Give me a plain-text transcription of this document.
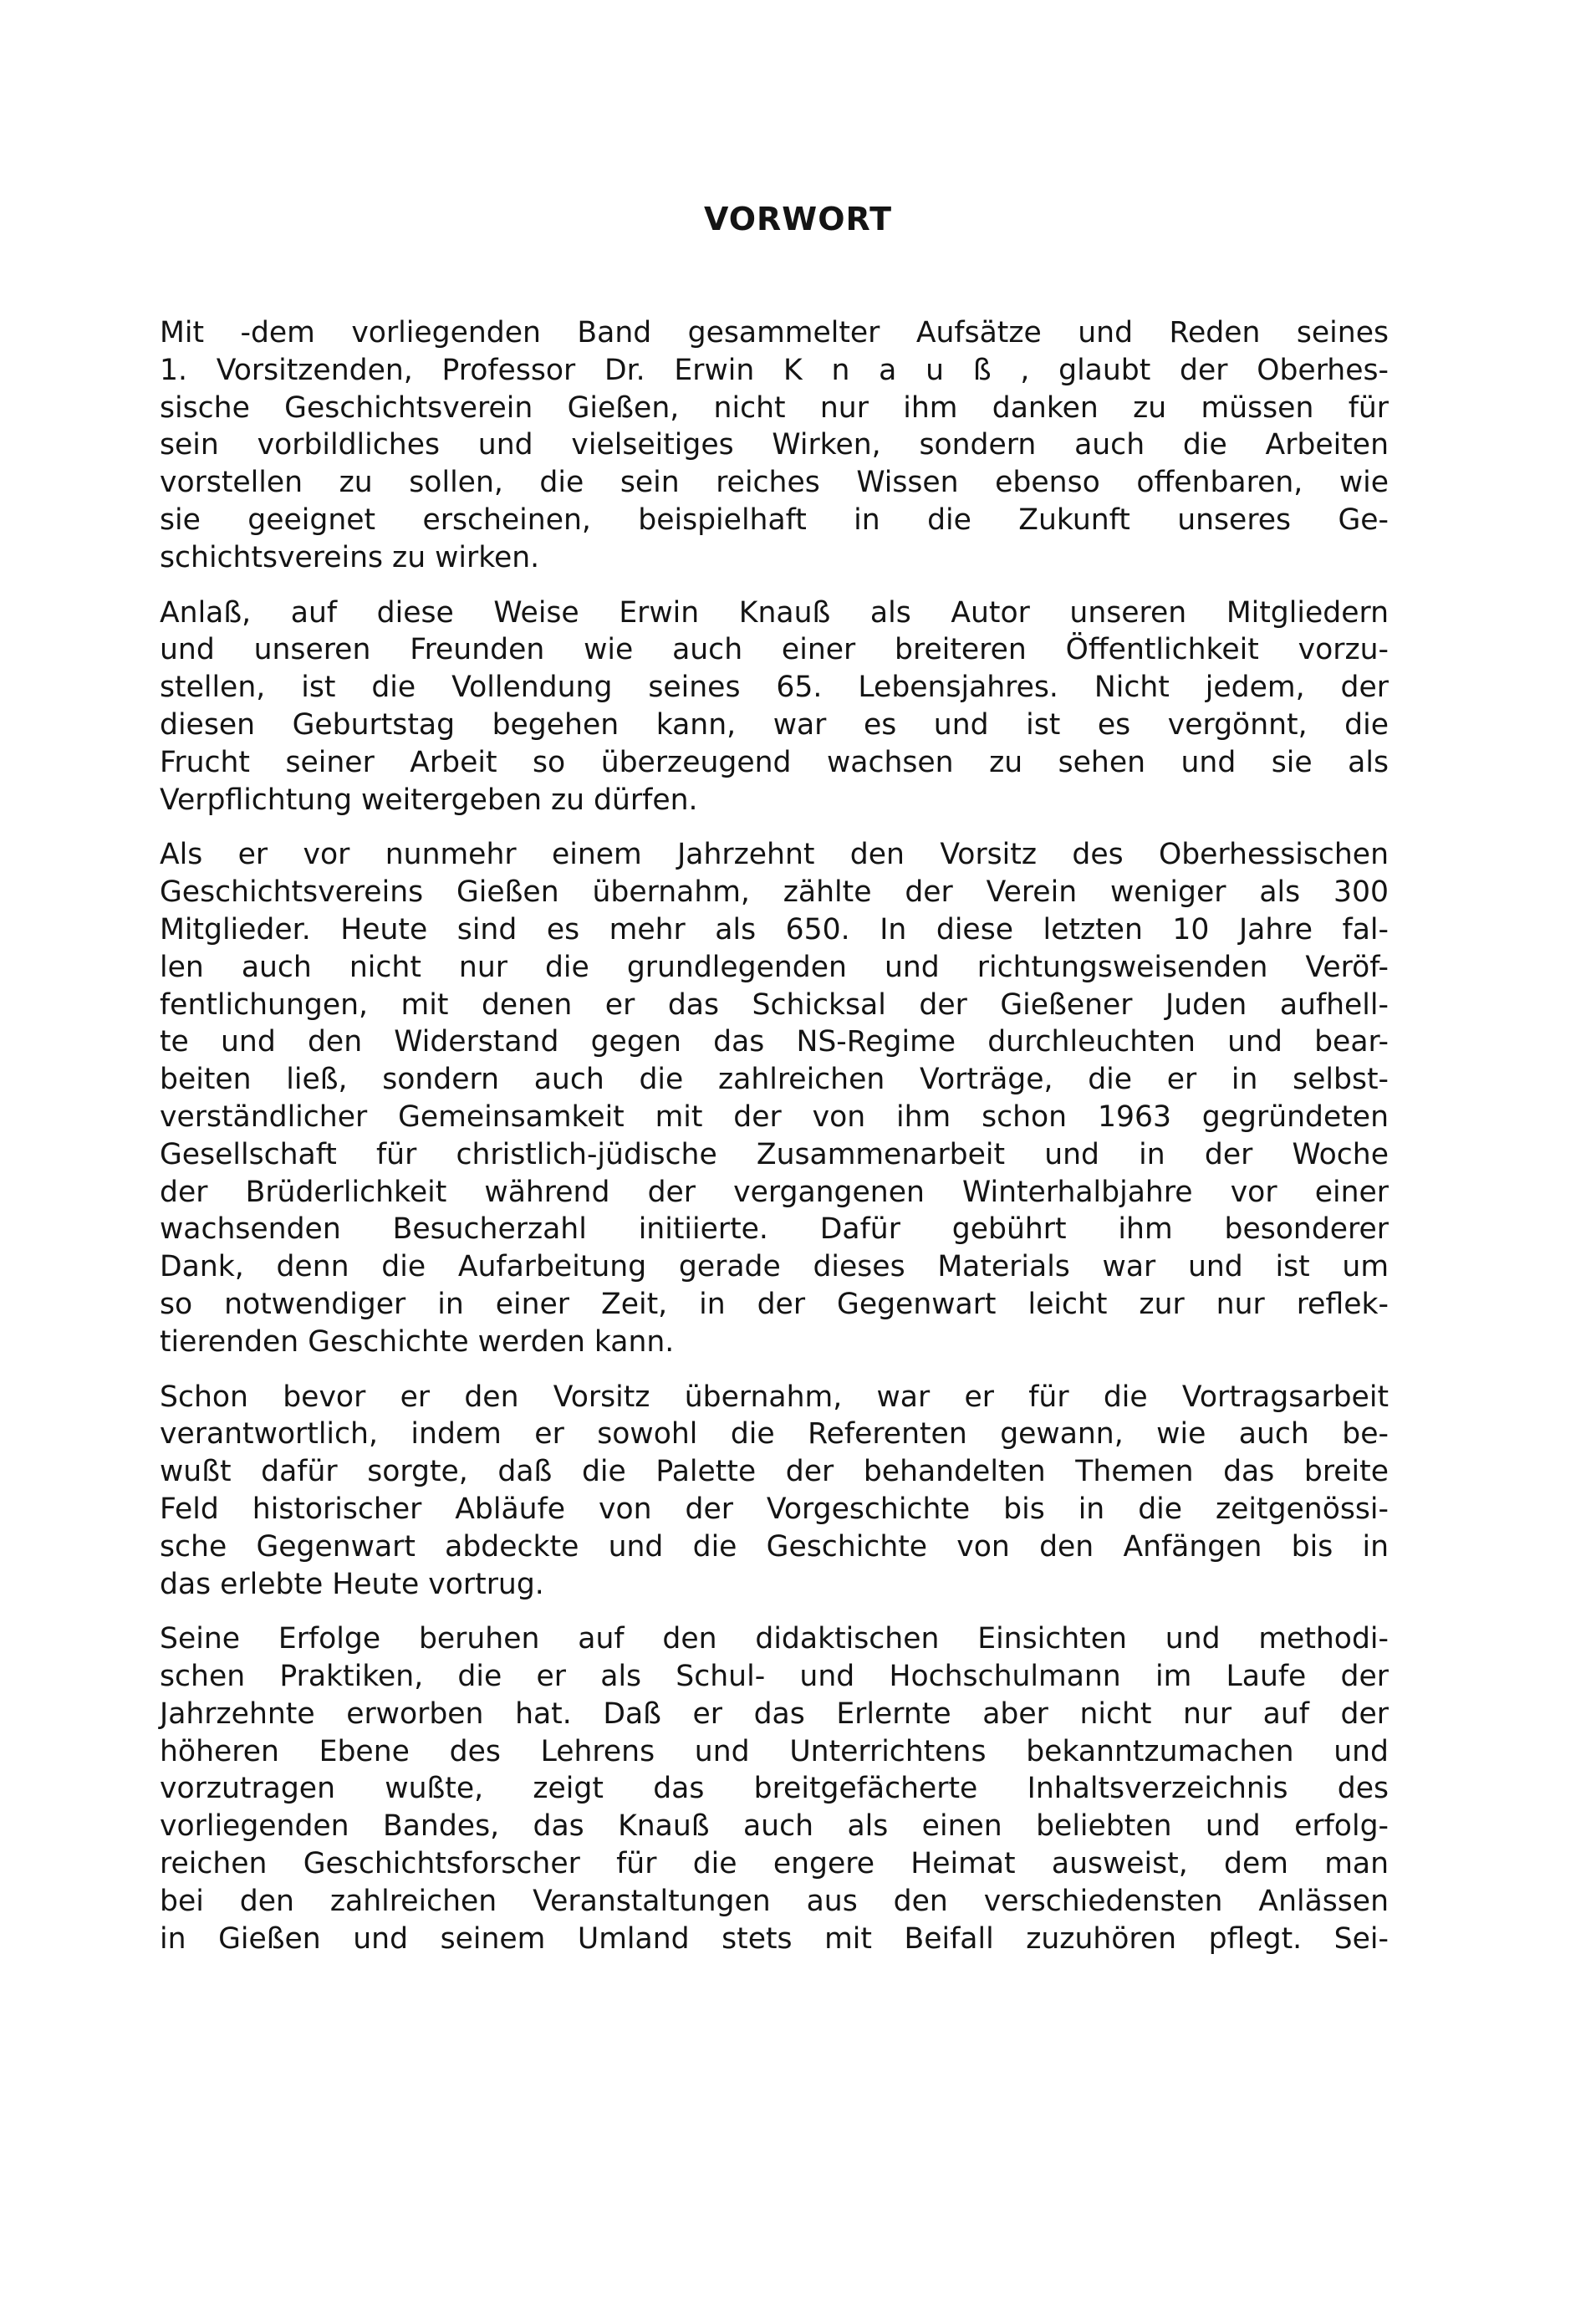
VORWORT
Mit -dem vorliegenden Band gesammelter Aufsätze und Reden seines
1. Vorsitzenden, Professor Dr. Erwin K n a u ß , glaubt der Oberhes-
sische Geschichtsverein Gießen, nicht nur ihm danken zu müssen für
sein vorbildliches und vielseitiges Wirken, sondern auch die Arbeiten
vorstellen zu sollen, die sein reiches Wissen ebenso offenbaren, wie
sie geeignet erscheinen, beispielhaft in die Zukunft unseres Ge-
schichtsvereins zu wirken.
Anlaß, auf diese Weise Erwin Knauß als Autor unseren Mitgliedern
und unseren Freunden wie auch einer breiteren Öffentlichkeit vorzu-
stellen, ist die Vollendung seines 65. Lebensjahres. Nicht jedem, der
diesen Geburtstag begehen kann, war es und ist es vergönnt, die
Frucht seiner Arbeit so überzeugend wachsen zu sehen und sie als
Verpflichtung weitergeben zu dürfen.
Als er vor nunmehr einem Jahrzehnt den Vorsitz des Oberhessischen
Geschichtsvereins Gießen übernahm, zählte der Verein weniger als 300
Mitglieder. Heute sind es mehr als 650. In diese letzten 10 Jahre fal-
len auch nicht nur die grundlegenden und richtungsweisenden Veröf-
fentlichungen, mit denen er das Schicksal der Gießener Juden aufhell-
te und den Widerstand gegen das NS-Regime durchleuchten und bear-
beiten ließ, sondern auch die zahlreichen Vorträge, die er in selbst-
verständlicher Gemeinsamkeit mit der von ihm schon 1963 gegründeten
Gesellschaft für christlich-jüdische Zusammenarbeit und in der Woche
der Brüderlichkeit während der vergangenen Winterhalbjahre vor einer
wachsenden Besucherzahl initiierte. Dafür gebührt ihm besonderer
Dank, denn die Aufarbeitung gerade dieses Materials war und ist um
so notwendiger in einer Zeit, in der Gegenwart leicht zur nur reflek-
tierenden Geschichte werden kann.
Schon bevor er den Vorsitz übernahm, war er für die Vortragsarbeit
verantwortlich, indem er sowohl die Referenten gewann, wie auch be-
wußt dafür sorgte, daß die Palette der behandelten Themen das breite
Feld historischer Abläufe von der Vorgeschichte bis in die zeitgenössi-
sche Gegenwart abdeckte und die Geschichte von den Anfängen bis in
das erlebte Heute vortrug.
Seine Erfolge beruhen auf den didaktischen Einsichten und methodi-
schen Praktiken, die er als Schul- und Hochschulmann im Laufe der
Jahrzehnte erworben hat. Daß er das Erlernte aber nicht nur auf der
höheren Ebene des Lehrens und Unterrichtens bekanntzumachen und
vorzutragen wußte, zeigt das breitgefächerte Inhaltsverzeichnis des
vorliegenden Bandes, das Knauß auch als einen beliebten und erfolg-
reichen Geschichtsforscher für die engere Heimat ausweist, dem man
bei den zahlreichen Veranstaltungen aus den verschiedensten Anlässen
in Gießen und seinem Umland stets mit Beifall zuzuhören pflegt. Sei-
